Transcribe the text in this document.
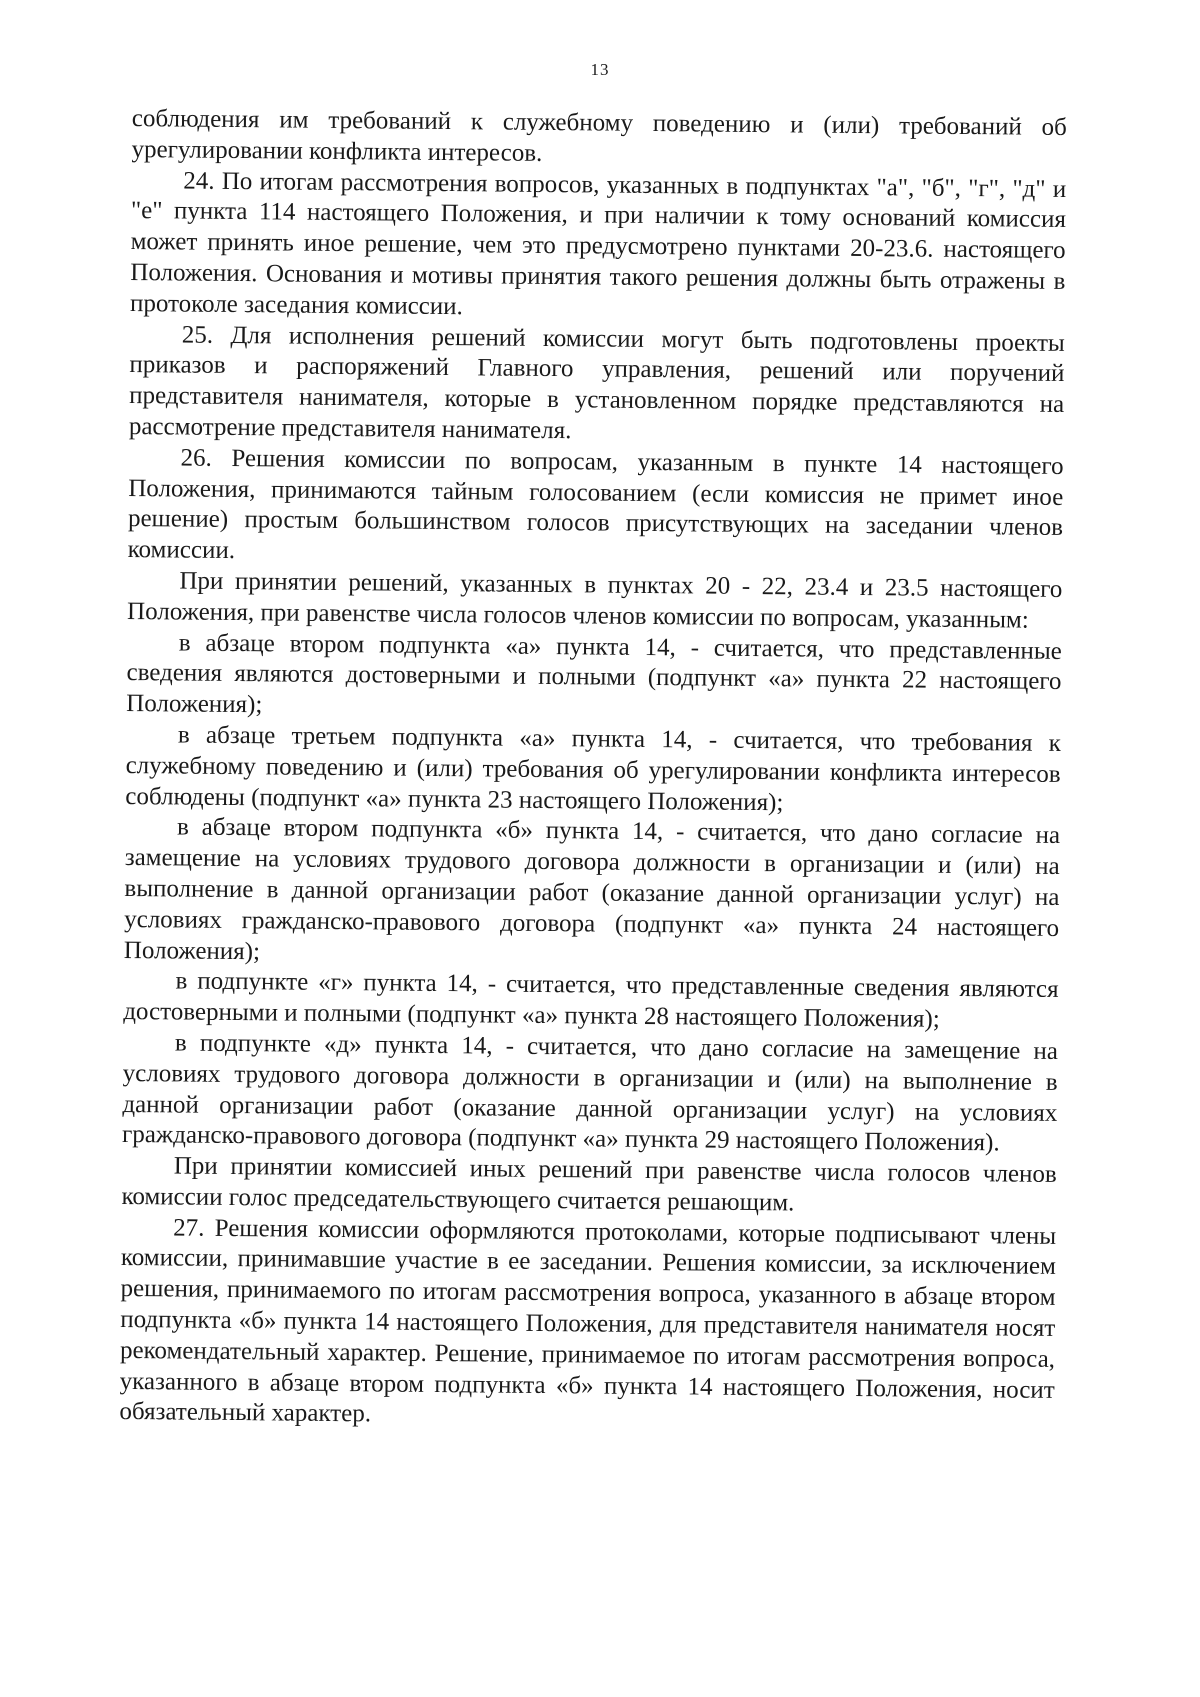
13

соблюдения им требований к служебному поведению и (или) требований об урегулировании конфликта интересов.

24. По итогам рассмотрения вопросов, указанных в подпунктах "а", "б", "г", "д" и "е" пункта 114 настоящего Положения, и при наличии к тому оснований комиссия может принять иное решение, чем это предусмотрено пунктами 20-23.6. настоящего Положения. Основания и мотивы принятия такого решения должны быть отражены в протоколе заседания комиссии.

25. Для исполнения решений комиссии могут быть подготовлены проекты приказов и распоряжений Главного управления, решений или поручений представителя нанимателя, которые в установленном порядке представляются на рассмотрение представителя нанимателя.

26. Решения комиссии по вопросам, указанным в пункте 14 настоящего Положения, принимаются тайным голосованием (если комиссия не примет иное решение) простым большинством голосов присутствующих на заседании членов комиссии.

При принятии решений, указанных в пунктах 20 - 22, 23.4 и 23.5 настоящего Положения, при равенстве числа голосов членов комиссии по вопросам, указанным:

в абзаце втором подпункта «а» пункта 14, - считается, что представленные сведения являются достоверными и полными (подпункт «а» пункта 22 настоящего Положения);

в абзаце третьем подпункта «а» пункта 14, - считается, что требования к служебному поведению и (или) требования об урегулировании конфликта интересов соблюдены (подпункт «а» пункта 23 настоящего Положения);

в абзаце втором подпункта «б» пункта 14, - считается, что дано согласие на замещение на условиях трудового договора должности в организации и (или) на выполнение в данной организации работ (оказание данной организации услуг) на условиях гражданско-правового договора (подпункт «а» пункта 24 настоящего Положения);

в подпункте «г» пункта 14, - считается, что представленные сведения являются достоверными и полными (подпункт «а» пункта 28 настоящего Положения);

в подпункте «д» пункта 14, - считается, что дано согласие на замещение на условиях трудового договора должности в организации и (или) на выполнение в данной организации работ (оказание данной организации услуг) на условиях гражданско-правового договора (подпункт «а» пункта 29 настоящего Положения).

При принятии комиссией иных решений при равенстве числа голосов членов комиссии голос председательствующего считается решающим.

27. Решения комиссии оформляются протоколами, которые подписывают члены комиссии, принимавшие участие в ее заседании. Решения комиссии, за исключением решения, принимаемого по итогам рассмотрения вопроса, указанного в абзаце втором подпункта «б» пункта 14 настоящего Положения, для представителя нанимателя носят рекомендательный характер. Решение, принимаемое по итогам рассмотрения вопроса, указанного в абзаце втором подпункта «б» пункта 14 настоящего Положения, носит обязательный характер.
